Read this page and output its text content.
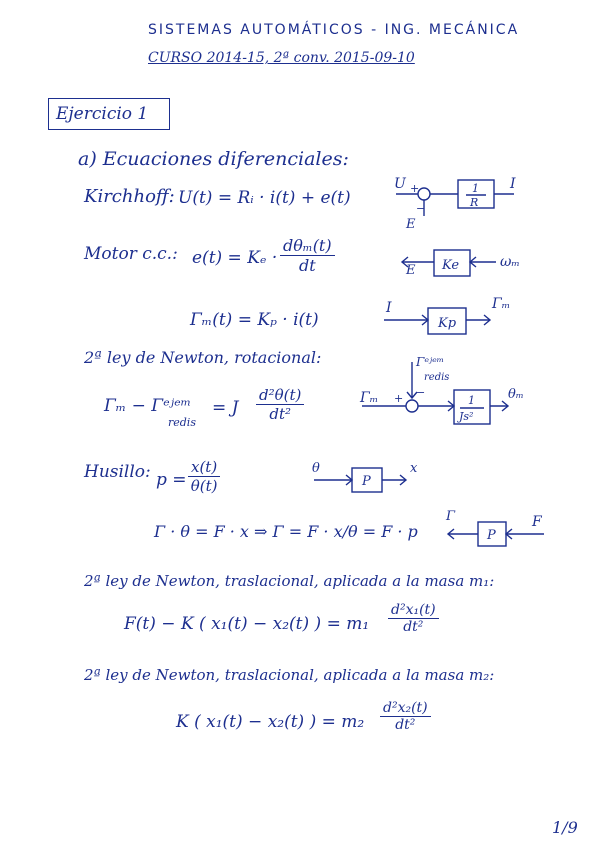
SISTEMAS AUTOMÁTICOS - ING. MECÁNICA
CURSO 2014-15, 2ª conv. 2015-09-10
Ejercicio 1
a) Ecuaciones diferenciales:
Kirchhoff: U(t) = Rᵢ · i(t) + e(t)
U +
−
E
1
R
I
Motor c.c.: e(t) = Kₑ ·
dθₘ(t)
dt	E Ke	ωₘ
Γₘ(t) = Kₚ · i(t)
I
Kp
Γₘ
2ª ley de Newton, rotacional:
Γₘ − Γᵉʲᵉᵐ
redis
= J $\frac{\text{d²θ(t)}}{\text{dt²}}$
Γᵉʲᵉᵐ
redis
−
Γₘ +	1
Js²
θₘ
Husillo: $p = \frac{x(t)}{\theta(t)}$	θ
P
x
Γ · θ = F · x ⇒ Γ = F · x/θ = F · p
Γ
P
F
2ª ley de Newton, traslacional, aplicada a la masa m₁:
F(t) − K ( x₁(t) − x₂(t) ) = $m_1 \frac{\text{d²x₁(t)}}{\text{dt²}}$
2ª ley de Newton, traslacional, aplicada a la masa m₂:
K ( x₁(t) − x₂(t) ) = $m_2 \frac{\text{d²x₂(t)}}{\text{dt²}}$
1/9
